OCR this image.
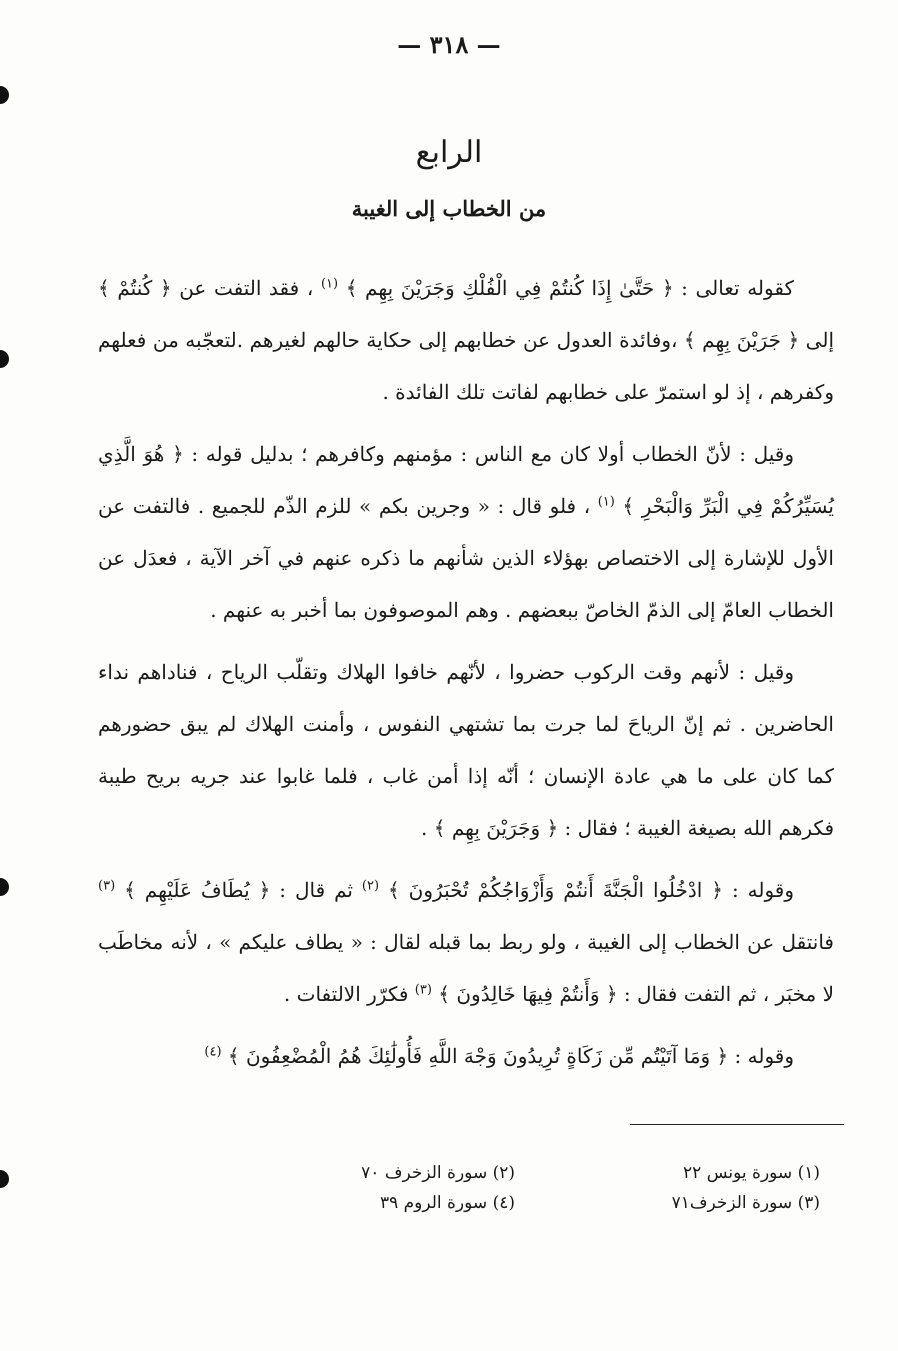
— ٣١٨ —
الرابع
من الخطاب إلى الغيبة

كقوله تعالى : ﴿ حَتَّىٰ إِذَا كُنتُمْ فِي الْفُلْكِ وَجَرَيْنَ بِهِم ﴾ $^{(١)}$ ، فقد التفت عن ﴿ كُنتُمْ ﴾ إلى ﴿ جَرَيْنَ بِهِم ﴾ ،وفائدة العدول عن خطابهم إلى حكاية حالهم لغيرهم .لتعجّبه من فعلهم وكفرهم ، إذ لو استمرّ على خطابهم لفاتت تلك الفائدة .

وقيل : لأنّ الخطاب أولا كان مع الناس : مؤمنهم وكافرهم ؛ بدليل قوله : ﴿ هُوَ الَّذِي يُسَيِّرُكُمْ فِي الْبَرِّ وَالْبَحْرِ ﴾ $^{(١)}$ ، فلو قال : « وجرين بكم » للزم الذّم للجميع . فالتفت عن الأول للإشارة إلى الاختصاص بهؤلاء الذين شأنهم ما ذكره عنهم في آخر الآية ، فعدَل عن الخطاب العامّ إلى الذمّ الخاصّ ببعضهم . وهم الموصوفون بما أخبر به عنهم .

وقيل : لأنهم وقت الركوب حضروا ، لأنّهم خافوا الهلاك وتقلّب الرياح ، فناداهم نداء الحاضرين . ثم إنّ الرياحَ لما جرت بما تشتهي النفوس ، وأمنت الهلاك لم يبق حضورهم كما كان على ما هي عادة الإنسان ؛ أنّه إذا أمن غاب ، فلما غابوا عند جريه بريح طيبة فكرهم الله بصيغة الغيبة ؛ فقال : ﴿ وَجَرَيْنَ بِهِم ﴾ .

وقوله : ﴿ ادْخُلُوا الْجَنَّةَ أَنتُمْ وَأَزْوَاجُكُمْ تُحْبَرُونَ ﴾ $^{(٢)}$ ثم قال : ﴿ يُطَافُ عَلَيْهِم ﴾ $^{(٣)}$ فانتقل عن الخطاب إلى الغيبة ، ولو ربط بما قبله لقال : « يطاف عليكم » ، لأنه مخاطَب لا مخبَر ، ثم التفت فقال : ﴿ وَأَنتُمْ فِيهَا خَالِدُونَ ﴾ $^{(٣)}$ فكرّر الالتفات .

وقوله : ﴿ وَمَا آتَيْتُم مِّن زَكَاةٍ تُرِيدُونَ وَجْهَ اللَّهِ فَأُولَٰئِكَ هُمُ الْمُضْعِفُونَ ﴾ $^{(٤)}$

(١) سورة يونس ٢٢
(٢) سورة الزخرف ٧٠
(٣) سورة الزخرف٧١
(٤) سورة الروم ٣٩
